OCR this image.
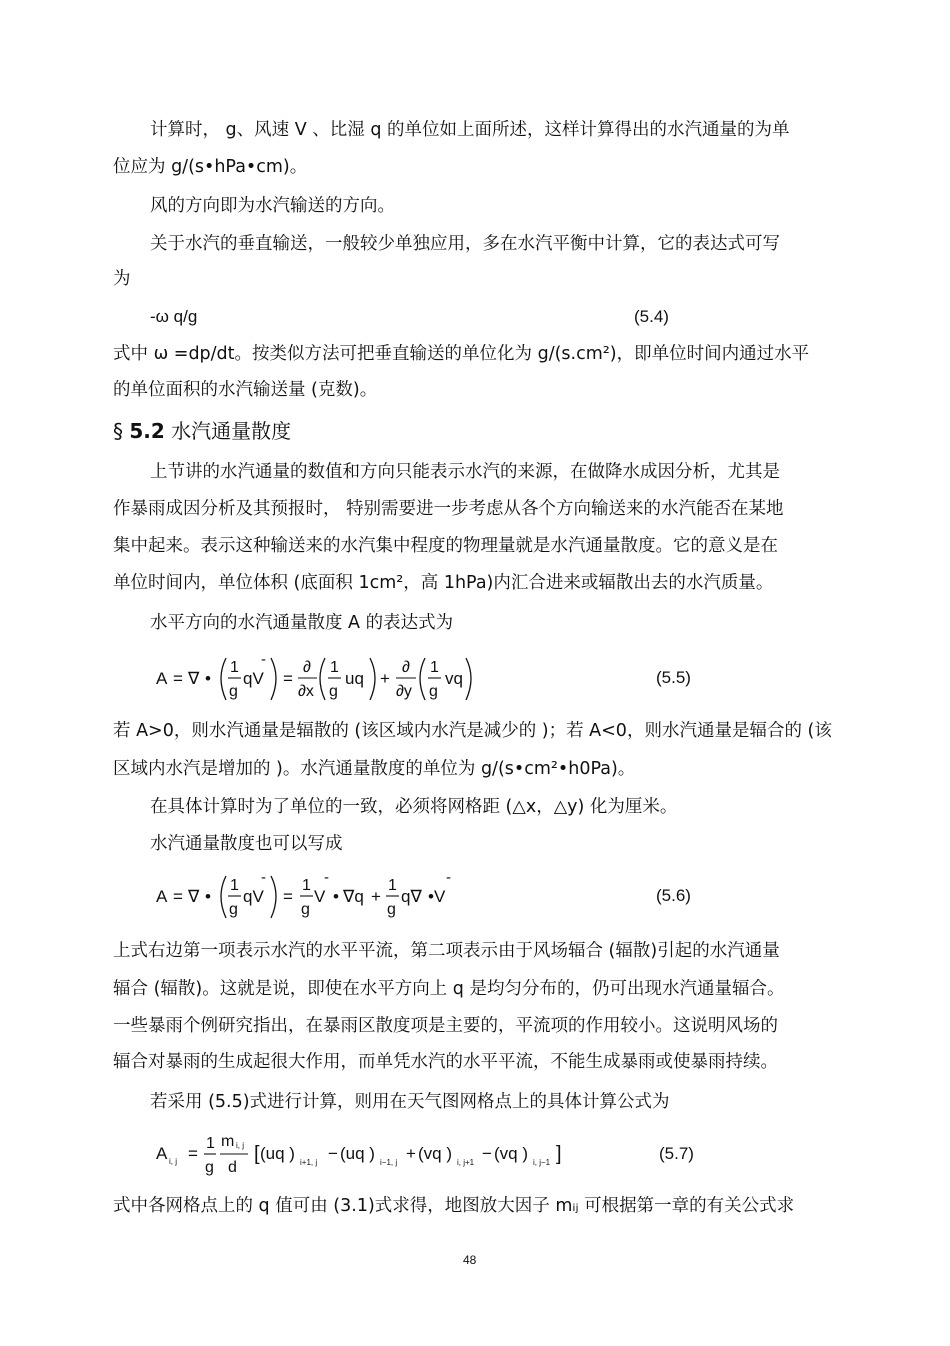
计算时， g、风速 V 、比湿 q 的单位如上面所述，这样计算得出的水汽通量的为单
位应为 g/(s•hPa•cm)。
风的方向即为水汽输送的方向。
关于水汽的垂直输送，一般较少单独应用，多在水汽平衡中计算，它的表达式可写
为
-ω q/g	(5.4)
式中 ω =dp/dt。按类似方法可把垂直输送的单位化为 g/(s.cm²)，即单位时间内通过水平
的单位面积的水汽输送量 (克数)。
§ 5.2 水汽通量散度
上节讲的水汽通量的数值和方向只能表示水汽的来源，在做降水成因分析，尤其是
作暴雨成因分析及其预报时， 特别需要进一步考虑从各个方向输送来的水汽能否在某地
集中起来。表示这种输送来的水汽集中程度的物理量就是水汽通量散度。它的意义是在
单位时间内，单位体积 (底面积 1cm²，高 1hPa)内汇合进来或辐散出去的水汽质量。
水平方向的水汽通量散度 A 的表达式为
A = ∇ •
1
g
qV
-
=
∂
∂x
1
g
uq +
∂
∂y
1
g
vq	(5.5)
若 A>0，则水汽通量是辐散的 (该区域内水汽是减少的 )；若 A<0，则水汽通量是辐合的 (该
区域内水汽是增加的 )。水汽通量散度的单位为 g/(s•cm²•h0Pa)。
在具体计算时为了单位的一致，必须将网格距 (△x，△y) 化为厘米。
水汽通量散度也可以写成
A = ∇ •
1
g
qV
-
=
1
g
V
-
• ∇q +
1
g
q∇ •V
-
(5.6)
上式右边第一项表示水汽的水平平流，第二项表示由于风场辐合 (辐散)引起的水汽通量
辐合 (辐散)。这就是说，即使在水平方向上 q 是均匀分布的，仍可出现水汽通量辐合。
一些暴雨个例研究指出，在暴雨区散度项是主要的，平流项的作用较小。这说明风场的
辐合对暴雨的生成起很大作用，而单凭水汽的水平平流，不能生成暴雨或使暴雨持续。
若采用 (5.5)式进行计算，则用在天气图网格点上的具体计算公式为
A i, j =
1
g
m i, j
d
[ (uq ) i+1, j − (uq ) i−1, j + (vq ) i, j+1 − (vq ) i, j−1 ]	(5.7)
式中各网格点上的 q 值可由 (3.1)式求得，地图放大因子 mᵢⱼ 可根据第一章的有关公式求
48
